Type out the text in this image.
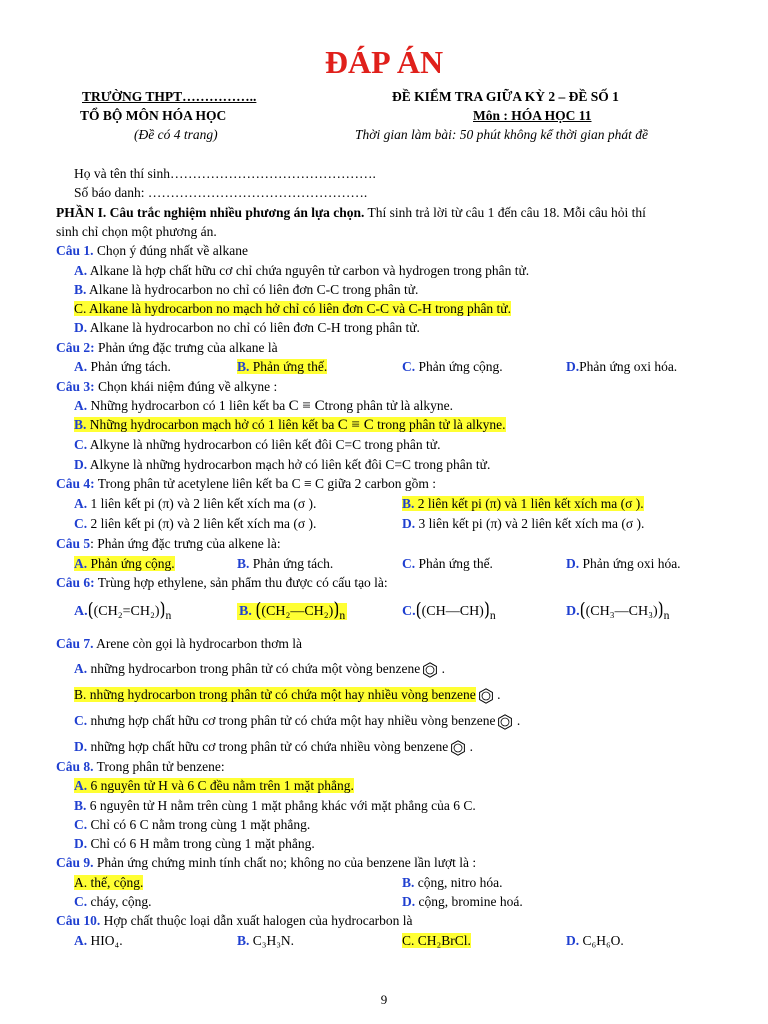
ĐÁP ÁN
TRƯỜNG THPT……………..
TỔ BỘ MÔN HÓA HỌC
(Đề có 4 trang)
ĐỀ KIỂM TRA GIỮA KỲ 2 – ĐỀ SỐ 1
Môn : HÓA HỌC 11
Thời gian làm bài: 50 phút không kể thời gian phát đề
Họ và tên thí sinh……………………………………….
Số báo danh: ………………………………………….
PHẦN I. Câu trắc nghiệm nhiều phương án lựa chọn. Thí sinh trả lời từ câu 1 đến câu 18. Mỗi câu hỏi thí
sinh chỉ chọn một phương án.
Câu 1. Chọn ý đúng nhất về alkane
A. Alkane là hợp chất hữu cơ chỉ chứa nguyên tử carbon và hydrogen trong phân tử.
B. Alkane là hydrocarbon no chỉ có liên đơn C-C trong phân tử.
C. Alkane là hydrocarbon no mạch hở chỉ có liên đơn C-C và C-H trong phân tử.
D. Alkane là hydrocarbon no chỉ có liên đơn C-H trong phân tử.
Câu 2: Phản ứng đặc trưng của alkane là
A. Phản ứng tách.	B. Phản ứng thế.	C. Phản ứng cộng.	D.Phản ứng oxi hóa.
Câu 3: Chọn khái niệm đúng về alkyne :
A. Những hydrocarbon có 1 liên kết ba C ≡ Ctrong phân tử là alkyne.
B. Những hydrocarbon mạch hở có 1 liên kết ba C ≡ C trong phân tử là alkyne.
C. Alkyne là những hydrocarbon có liên kết đôi C=C trong phân tử.
D. Alkyne là những hydrocarbon mạch hở có liên kết đôi C=C trong phân tử.
Câu 4: Trong phân tử acetylene liên kết ba C ≡ C giữa 2 carbon gồm :
A. 1 liên kết pi (π) và 2 liên kết xích ma (σ ).	B. 2 liên kết pi (π) và 1 liên kết xích ma (σ ).
C. 2 liên kết pi (π) và 2 liên kết xích ma (σ ).	D. 3 liên kết pi (π) và 2 liên kết xích ma (σ ).
Câu 5: Phản ứng đặc trưng của alkene là:
A. Phản ứng cộng.	B. Phản ứng tách.	C. Phản ứng thế.	D. Phản ứng oxi hóa.
Câu 6: Trùng hợp ethylene, sản phẩm thu được có cấu tạo là:
$A.⟮(CH_2=CH_2)⟯_n$	B. $⟮(CH_2—CH_2)⟯_n$	$C.⟮(CH—CH)⟯_n$	$D.⟮(CH_3—CH_3)⟯_n$
Câu 7. Arene còn gọi là hydrocarbon thơm là
A. những hydrocarbon trong phân tử có chứa một vòng benzene .
B. những hydrocarbon trong phân tử có chứa một hay nhiều vòng benzene .
C. nhưng hợp chất hữu cơ trong phân tử có chứa một hay nhiều vòng benzene .
D. những hợp chất hữu cơ trong phân tử có chứa nhiều vòng benzene .
Câu 8. Trong phân tử benzene:
A. 6 nguyên tử H và 6 C đều nằm trên 1 mặt phẳng.
B. 6 nguyên tử H nằm trên cùng 1 mặt phẳng khác với mặt phẳng của 6 C.
C. Chỉ có 6 C nằm trong cùng 1 mặt phẳng.
D. Chỉ có 6 H mằm trong cùng 1 mặt phẳng.
Câu 9. Phản ứng chứng minh tính chất no; không no của benzene lần lượt là :
A. thế, cộng.	B. cộng, nitro hóa.
C. cháy, cộng.	D. cộng, bromine hoá.
Câu 10. Hợp chất thuộc loại dẫn xuất halogen của hydrocarbon là
A. HIO₄.	B. C₃H₃N.	C. CH₂BrCl.	D. C₆H₆O.
9
